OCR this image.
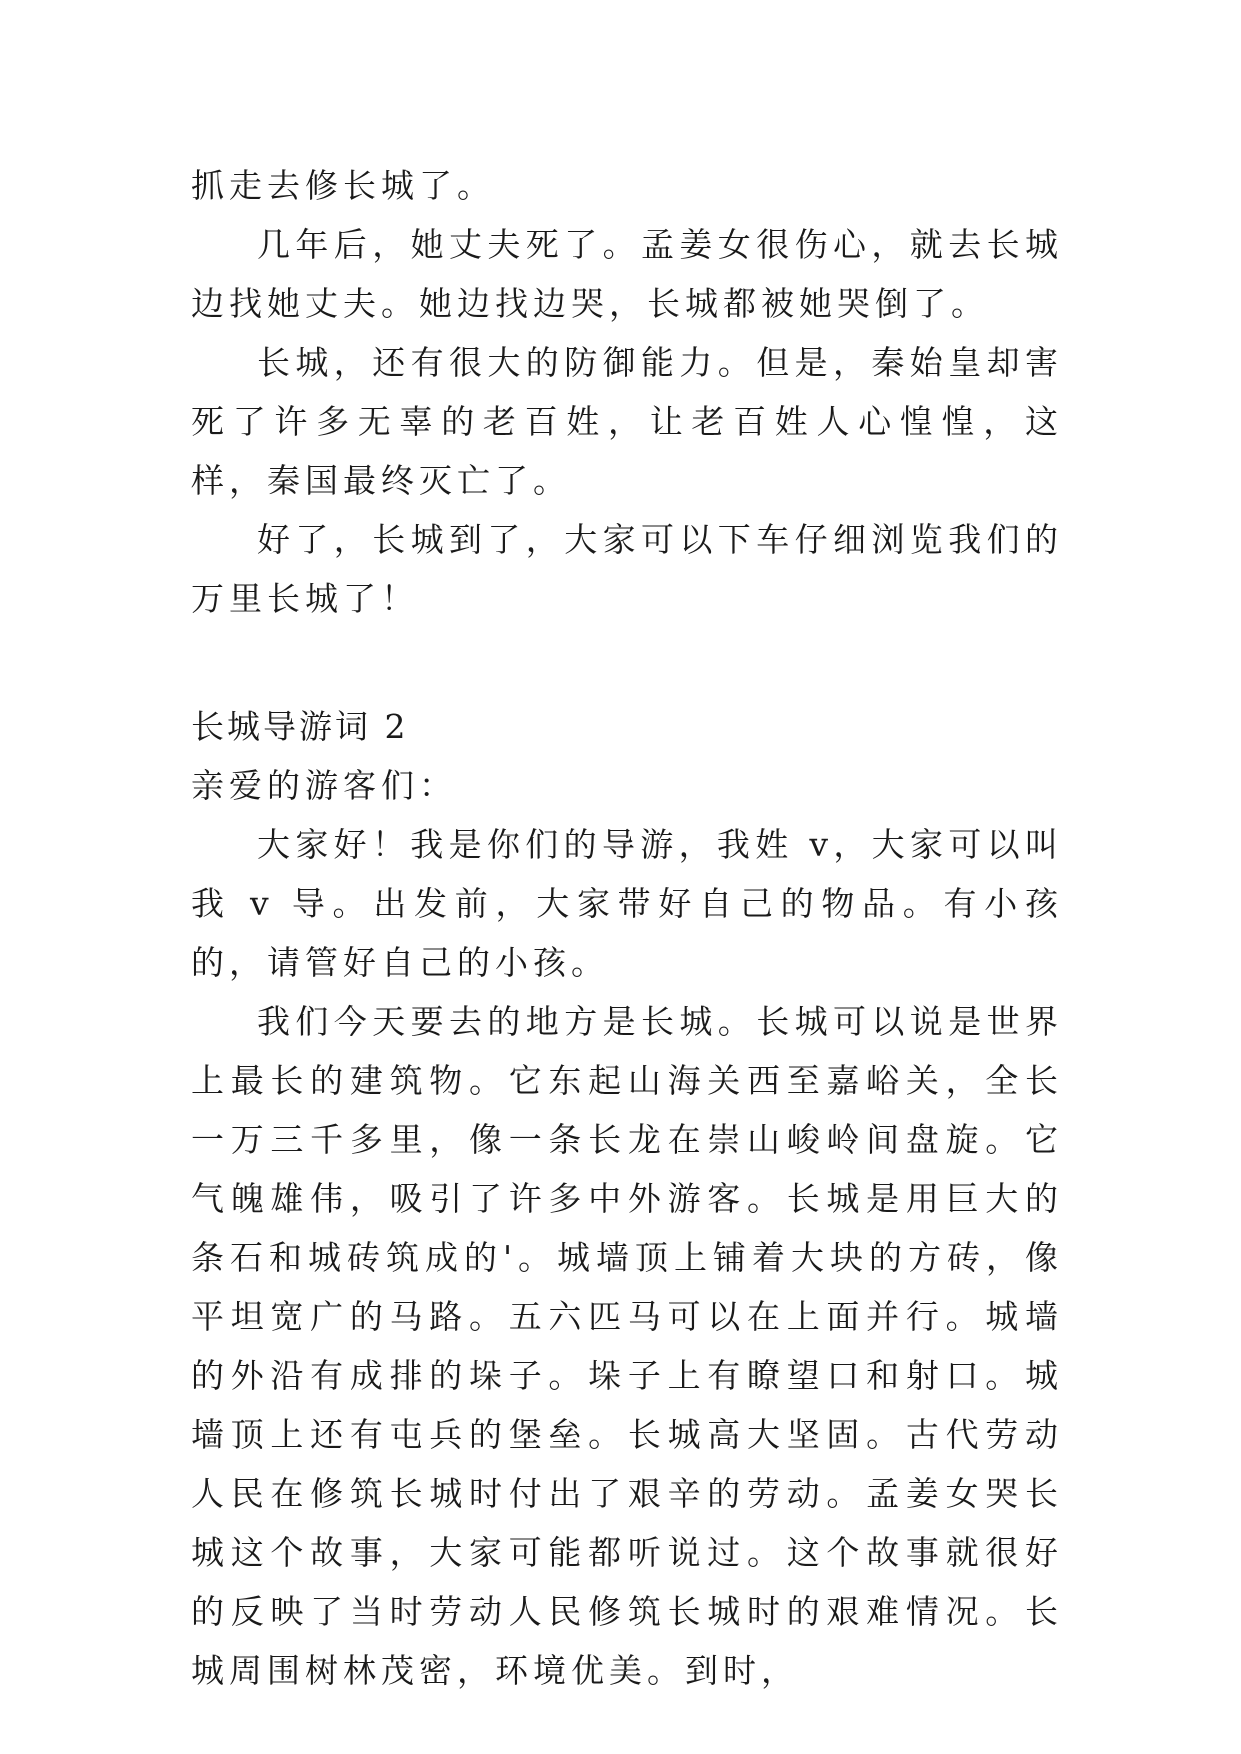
抓走去修长城了。

几年后，她丈夫死了。孟姜女很伤心，就去长城边找她丈夫。她边找边哭，长城都被她哭倒了。

长城，还有很大的防御能力。但是，秦始皇却害死了许多无辜的老百姓，让老百姓人心惶惶，这样，秦国最终灭亡了。

好了，长城到了，大家可以下车仔细浏览我们的万里长城了！

长城导游词 2

亲爱的游客们：

大家好！我是你们的导游，我姓 v，大家可以叫我 v 导。出发前，大家带好自己的物品。有小孩的，请管好自己的小孩。

我们今天要去的地方是长城。长城可以说是世界上最长的建筑物。它东起山海关西至嘉峪关，全长一万三千多里，像一条长龙在崇山峻岭间盘旋。它气魄雄伟，吸引了许多中外游客。长城是用巨大的条石和城砖筑成的'。城墙顶上铺着大块的方砖，像平坦宽广的马路。五六匹马可以在上面并行。城墙的外沿有成排的垛子。垛子上有瞭望口和射口。城墙顶上还有屯兵的堡垒。长城高大坚固。古代劳动人民在修筑长城时付出了艰辛的劳动。孟姜女哭长城这个故事，大家可能都听说过。这个故事就很好的反映了当时劳动人民修筑长城时的艰难情况。长城周围树林茂密，环境优美。到时，
